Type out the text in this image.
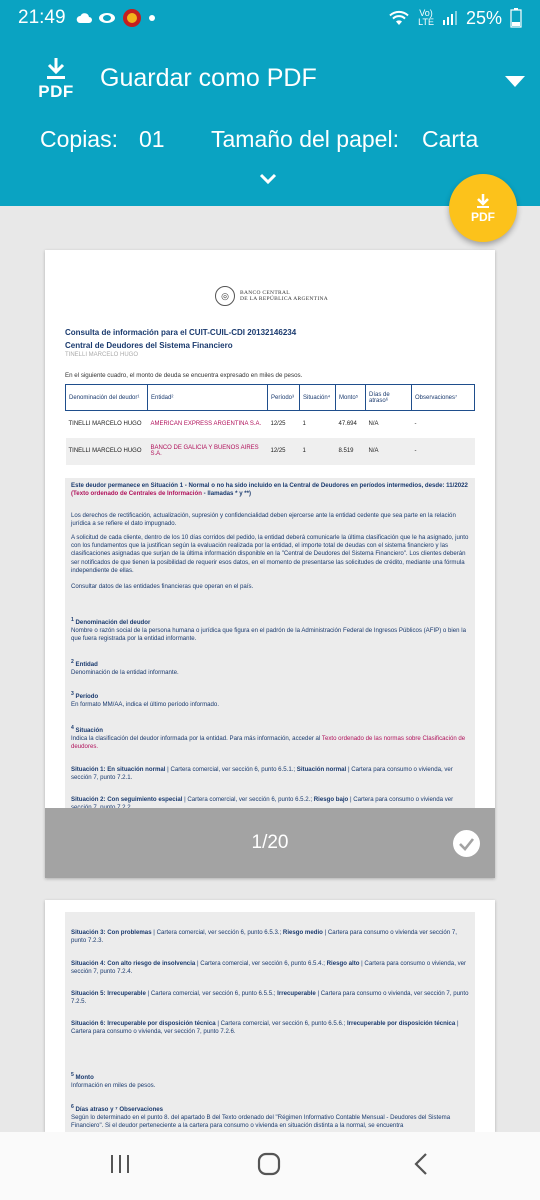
21:49	Vo)
LTE 25%
PDF Guardar como PDF
Copias: 01 Tamaño del papel: Carta
PDF
◎	BANCO CENTRAL
DE LA REPÚBLICA ARGENTINA
Consulta de información para el CUIT-CUIL-CDI 20132146234
Central de Deudores del Sistema Financiero
TINELLI MARCELO HUGO
En el siguiente cuadro, el monto de deuda se encuentra expresado en miles de pesos.
Denominación del deudor¹	Entidad²	Período³	Situación⁴	Monto⁵	Días de atraso⁶	Observaciones⁷
TINELLI MARCELO HUGO	AMERICAN EXPRESS ARGENTINA S.A.	12/25	1	47.694	N/A	-
TINELLI MARCELO HUGO	BANCO DE GALICIA Y BUENOS AIRES S.A.	12/25	1	8.519	N/A	-
Este deudor permanece en Situación 1 - Normal o no ha sido incluido en la Central de Deudores en períodos intermedios, desde: 11/2022 (Texto ordenado de Centrales de Información - llamadas * y **)
Los derechos de rectificación, actualización, supresión y confidencialidad deben ejercerse ante la entidad cedente que sea parte en la relación jurídica a se refiere el dato impugnado.
A solicitud de cada cliente, dentro de los 10 días corridos del pedido, la entidad deberá comunicarle la última clasificación que le ha asignado, junto con los fundamentos que la justifican según la evaluación realizada por la entidad, el importe total de deudas con el sistema financiero y las clasificaciones asignadas que surjan de la última información disponible en la "Central de Deudores del Sistema Financiero". Los clientes deberán ser notificados de que tienen la posibilidad de requerir esos datos, en el momento de presentarse las solicitudes de crédito, mediante una fórmula independiente de ellas.
Consultar datos de las entidades financieras que operan en el país.
$^1$ Denominación del deudor
Nombre o razón social de la persona humana o jurídica que figura en el padrón de la Administración Federal de Ingresos Públicos (AFIP) o bien la que fuera registrada por la entidad informante.
$^2$ Entidad
Denominación de la entidad informante.
$^3$ Período
En formato MM/AA, indica el último período informado.
$^4$ Situación
Indica la clasificación del deudor informada por la entidad. Para más información, acceder al Texto ordenado de las normas sobre Clasificación de deudores.
Situación 1: En situación normal | Cartera comercial, ver sección 6, punto 6.5.1.; Situación normal | Cartera para consumo o vivienda, ver sección 7, punto 7.2.1.
Situación 2: Con seguimiento especial | Cartera comercial, ver sección 6, punto 6.5.2.; Riesgo bajo | Cartera para consumo o vivienda ver
1/20
Situación 3: Con problemas | Cartera comercial, ver sección 6, punto 6.5.3.; Riesgo medio | Cartera para consumo o vivienda ver sección 7, punto 7.2.3.
Situación 4: Con alto riesgo de insolvencia | Cartera comercial, ver sección 6, punto 6.5.4.; Riesgo alto | Cartera para consumo o vivienda, ver sección 7, punto 7.2.4.
Situación 5: Irrecuperable | Cartera comercial, ver sección 6, punto 6.5.5.; Irrecuperable | Cartera para consumo o vivienda, ver sección 7, punto 7.2.5.
Situación 6: Irrecuperable por disposición técnica | Cartera comercial, ver sección 6, punto 6.5.6.; Irrecuperable por disposición técnica | Cartera para consumo o vivienda, ver sección 7, punto 7.2.6.
$^5$ Monto
Información en miles de pesos.
$^6$ Días atraso y ⁷ Observaciones
Según lo determinado en el punto 8. del apartado B del Texto ordenado del "Régimen Informativo Contable Mensual - Deudores del Sistema Financiero". Si el deudor perteneciente a la cartera para consumo o vivienda en situación distinta a la normal, se encuentra
